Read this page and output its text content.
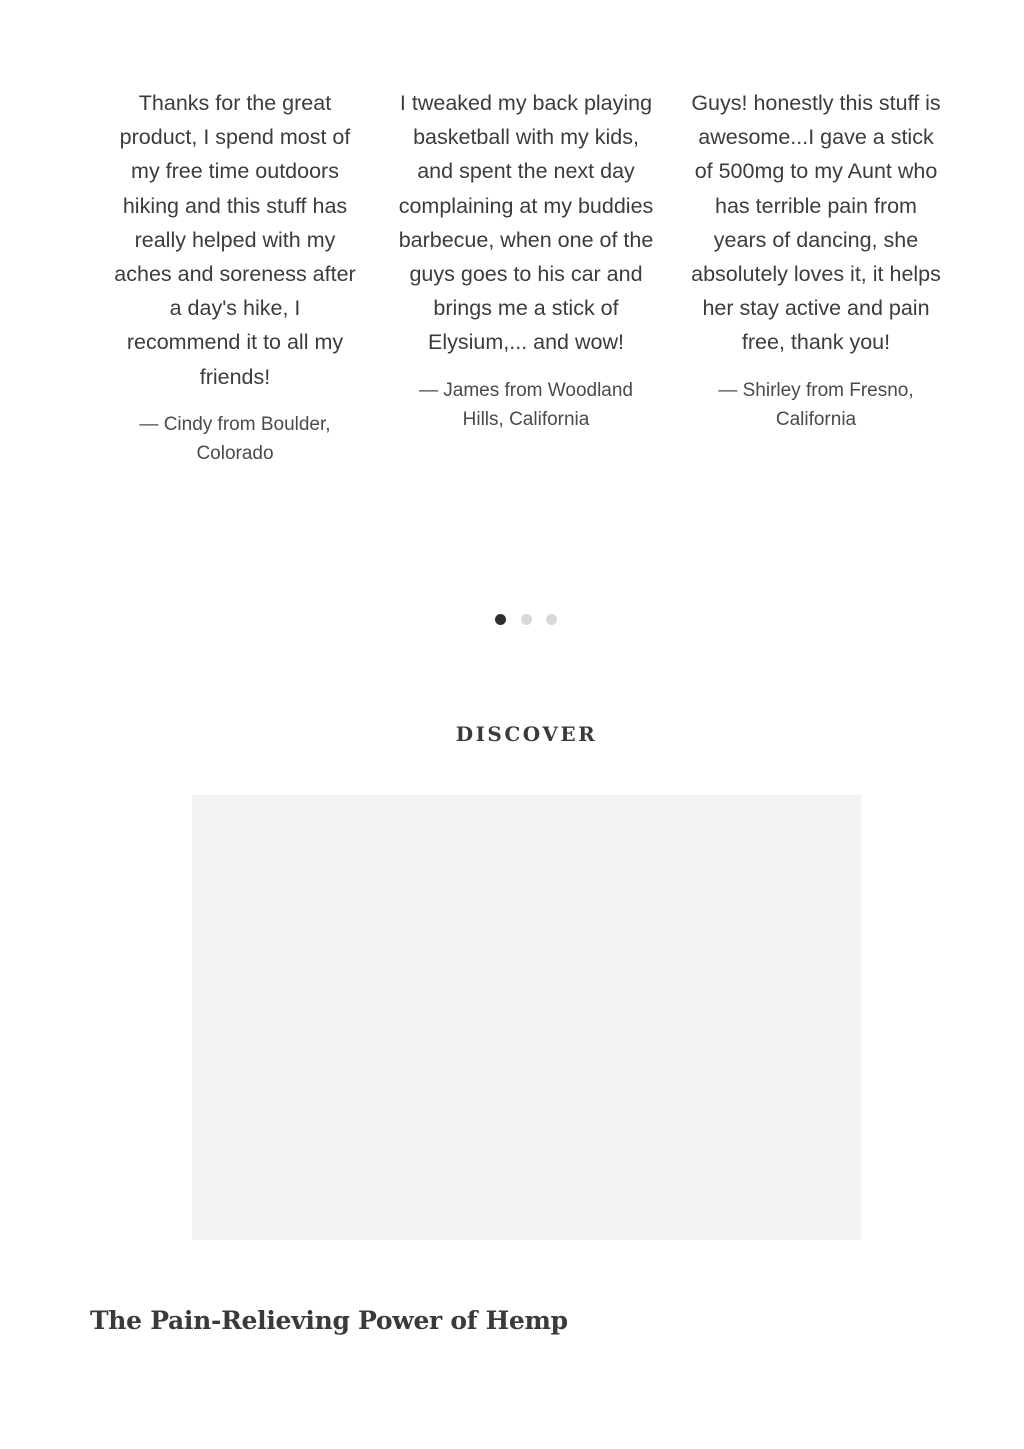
Thanks for the great product, I spend most of my free time outdoors hiking and this stuff has really helped with my aches and soreness after a day's hike, I recommend it to all my friends!

— Cindy from Boulder, Colorado

I tweaked my back playing basketball with my kids, and spent the next day complaining at my buddies barbecue, when one of the guys goes to his car and brings me a stick of Elysium,... and wow!

— James from Woodland Hills, California

Guys! honestly this stuff is awesome...I gave a stick of 500mg to my Aunt who has terrible pain from years of dancing, she absolutely loves it, it helps her stay active and pain free, thank you!

— Shirley from Fresno, California

DISCOVER
The Pain-Relieving Power of Hemp
